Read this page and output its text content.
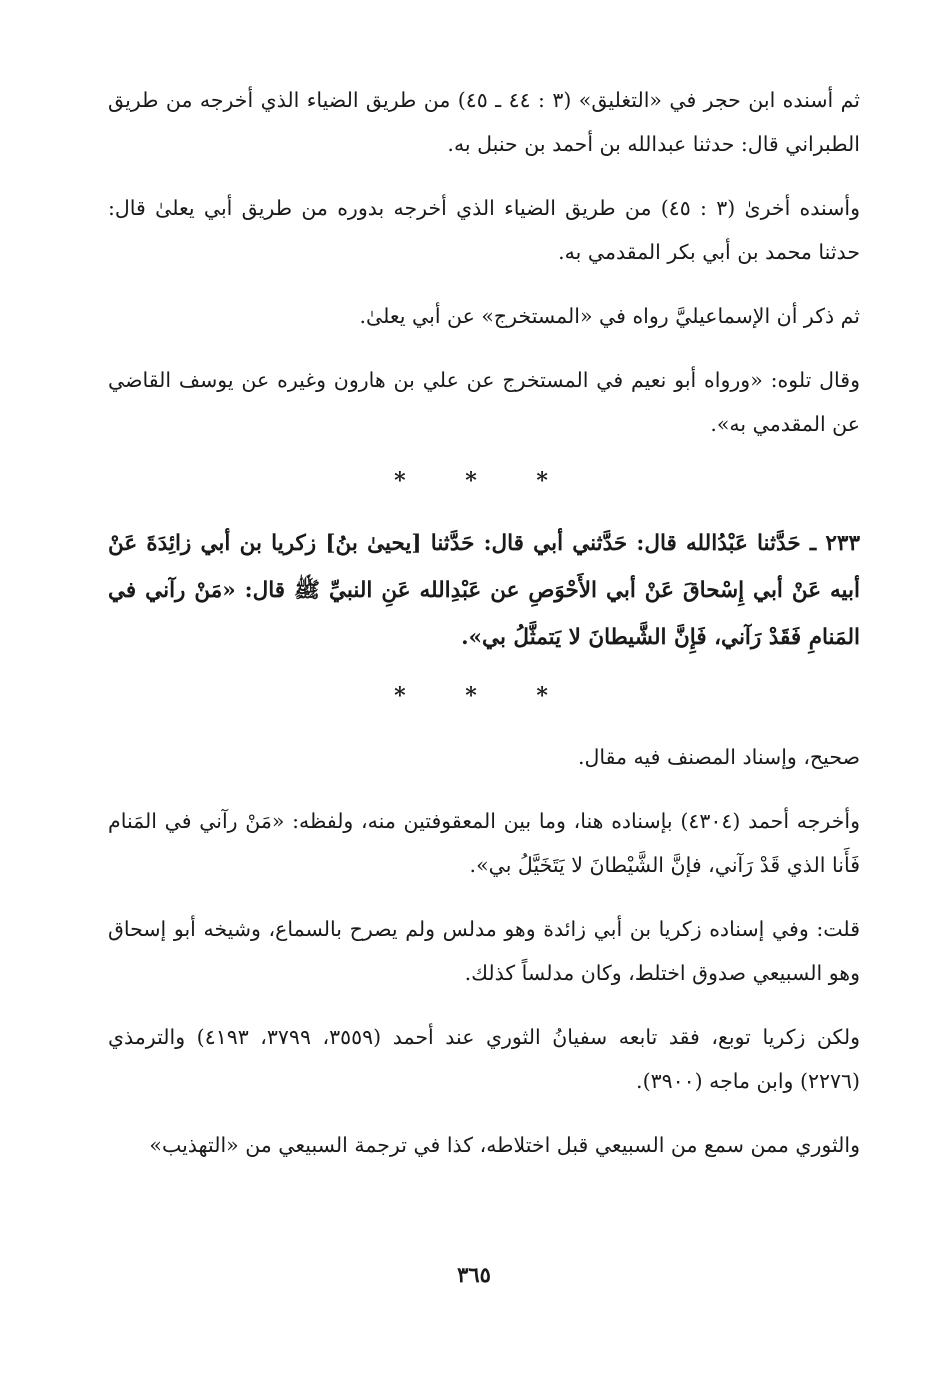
ثم أسنده ابن حجر في «التغليق» (٣ : ٤٤ ـ ٤٥) من طريق الضياء الذي أخرجه من طريق الطبراني قال: حدثنا عبدالله بن أحمد بن حنبل به.

وأسنده أخرىٰ (٣ : ٤٥) من طريق الضياء الذي أخرجه بدوره من طريق أبي يعلىٰ قال: حدثنا محمد بن أبي بكر المقدمي به.

ثم ذكر أن الإسماعيليَّ رواه في «المستخرج» عن أبي يعلىٰ.

وقال تلوه: «ورواه أبو نعيم في المستخرج عن علي بن هارون وغيره عن يوسف القاضي عن المقدمي به».

* * *

٢٣٣ ـ حَدَّثنا عَبْدُالله قال: حَدَّثني أبي قال: حَدَّثنا [يحيىٰ بنُ] زكريا بن أبي زائِدَةَ عَنْ أبيه عَنْ أبي إِسْحاقَ عَنْ أبي الأَحْوَصِ عن عَبْدِالله عَنِ النبيِّ ﷺ قال: «مَنْ رآني في المَنامِ فَقَدْ رَآني، فَإِنَّ الشَّيطانَ لا يَتمثَّلُ بي».

* * *

صحيح، وإسناد المصنف فيه مقال.

وأخرجه أحمد (٤٣٠٤) بإسناده هنا، وما بين المعقوفتين منه، ولفظه: «مَنْ رآني في المَنام فَأَنا الذي قَدْ رَآني، فإنَّ الشَّيْطانَ لا يَتَخَيَّلُ بي».

قلت: وفي إسناده زكريا بن أبي زائدة وهو مدلس ولم يصرح بالسماع، وشيخه أبو إسحاق وهو السبيعي صدوق اختلط، وكان مدلساً كذلك.

ولكن زكريا توبع، فقد تابعه سفيانُ الثوري عند أحمد (٣٥٥٩، ٣٧٩٩، ٤١٩٣) والترمذي (٢٢٧٦) وابن ماجه (٣٩٠٠).

والثوري ممن سمع من السبيعي قبل اختلاطه، كذا في ترجمة السبيعي من «التهذيب»

٣٦٥
